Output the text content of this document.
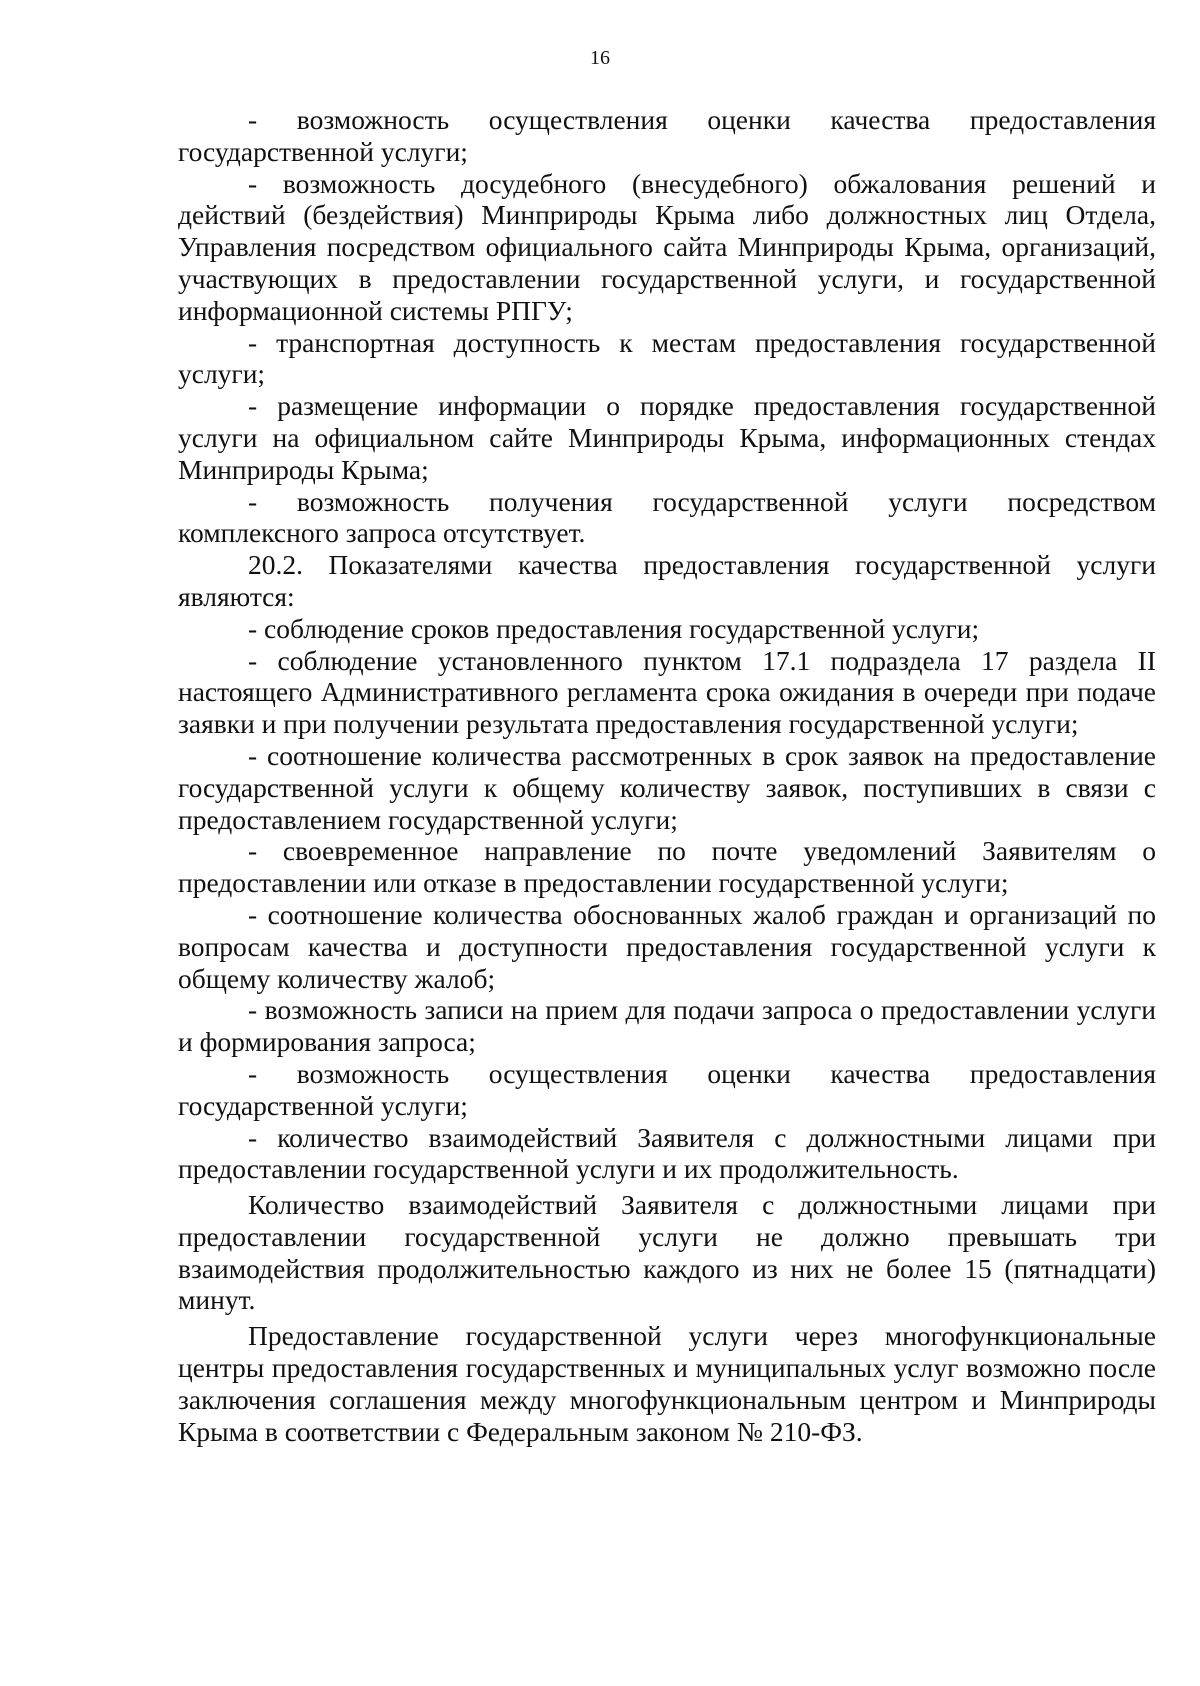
16

- возможность осуществления оценки качества предоставления государственной услуги;

- возможность досудебного (внесудебного) обжалования решений и действий (бездействия) Минприроды Крыма либо должностных лиц Отдела, Управления посредством официального сайта Минприроды Крыма, организаций, участвующих в предоставлении государственной услуги, и государственной информационной системы РПГУ;

- транспортная доступность к местам предоставления государственной услуги;

- размещение информации о порядке предоставления государственной услуги на официальном сайте Минприроды Крыма, информационных стендах Минприроды Крыма;

- возможность получения государственной услуги посредством комплексного запроса отсутствует.

20.2. Показателями качества предоставления государственной услуги являются:

- соблюдение сроков предоставления государственной услуги;

- соблюдение установленного пунктом 17.1 подраздела 17 раздела II настоящего Административного регламента срока ожидания в очереди при подаче заявки и при получении результата предоставления государственной услуги;

- соотношение количества рассмотренных в срок заявок на предоставление государственной услуги к общему количеству заявок, поступивших в связи с предоставлением государственной услуги;

- своевременное направление по почте уведомлений Заявителям о предоставлении или отказе в предоставлении государственной услуги;

- соотношение количества обоснованных жалоб граждан и организаций по вопросам качества и доступности предоставления государственной услуги к общему количеству жалоб;

- возможность записи на прием для подачи запроса о предоставлении услуги и формирования запроса;

- возможность осуществления оценки качества предоставления государственной услуги;

- количество взаимодействий Заявителя с должностными лицами при предоставлении государственной услуги и их продолжительность.

Количество взаимодействий Заявителя с должностными лицами при предоставлении государственной услуги не должно превышать три взаимодействия продолжительностью каждого из них не более 15 (пятнадцати) минут.

Предоставление государственной услуги через многофункциональные центры предоставления государственных и муниципальных услуг возможно после заключения соглашения между многофункциональным центром и Минприроды Крыма в соответствии с Федеральным законом № 210-ФЗ.
